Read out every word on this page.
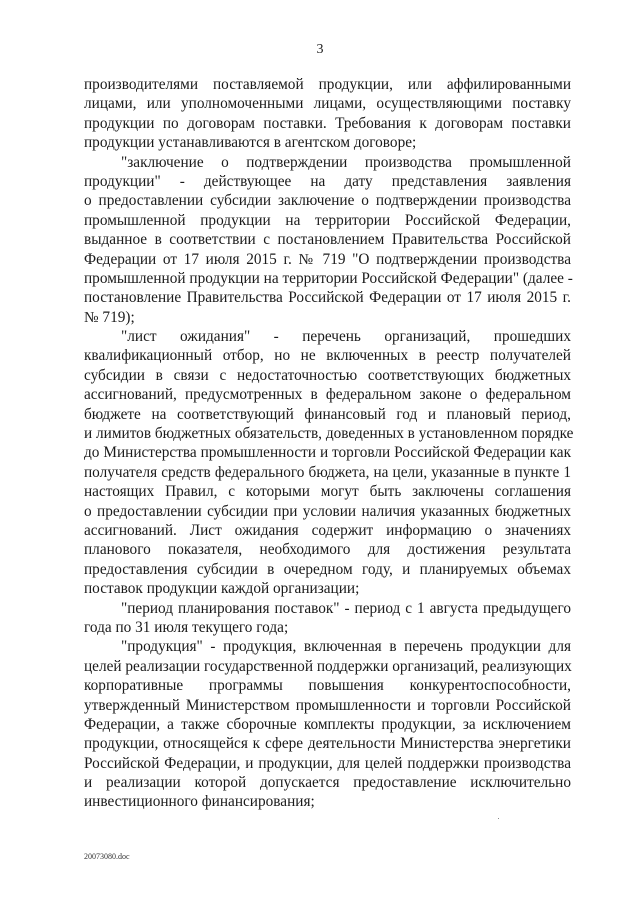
3
производителями поставляемой продукции, или аффилированными
лицами, или уполномоченными лицами, осуществляющими поставку
продукции по договорам поставки. Требования к договорам поставки
продукции устанавливаются в агентском договоре;
"заключение о подтверждении производства промышленной
продукции" - действующее на дату представления заявления
о предоставлении субсидии заключение о подтверждении производства
промышленной продукции на территории Российской Федерации,
выданное в соответствии с постановлением Правительства Российской
Федерации от 17 июля 2015 г. № 719 "О подтверждении производства
промышленной продукции на территории Российской Федерации" (далее -
постановление Правительства Российской Федерации от 17 июля 2015 г.
№ 719);
"лист ожидания" - перечень организаций, прошедших
квалификационный отбор, но не включенных в реестр получателей
субсидии в связи с недостаточностью соответствующих бюджетных
ассигнований, предусмотренных в федеральном законе о федеральном
бюджете на соответствующий финансовый год и плановый период,
и лимитов бюджетных обязательств, доведенных в установленном порядке
до Министерства промышленности и торговли Российской Федерации как
получателя средств федерального бюджета, на цели, указанные в пункте 1
настоящих Правил, с которыми могут быть заключены соглашения
о предоставлении субсидии при условии наличия указанных бюджетных
ассигнований. Лист ожидания содержит информацию о значениях
планового показателя, необходимого для достижения результата
предоставления субсидии в очередном году, и планируемых объемах
поставок продукции каждой организации;
"период планирования поставок" - период с 1 августа предыдущего
года по 31 июля текущего года;
"продукция" - продукция, включенная в перечень продукции для
целей реализации государственной поддержки организаций, реализующих
корпоративные программы повышения конкурентоспособности,
утвержденный Министерством промышленности и торговли Российской
Федерации, а также сборочные комплекты продукции, за исключением
продукции, относящейся к сфере деятельности Министерства энергетики
Российской Федерации, и продукции, для целей поддержки производства
и реализации которой допускается предоставление исключительно
инвестиционного финансирования;
20073080.doc
